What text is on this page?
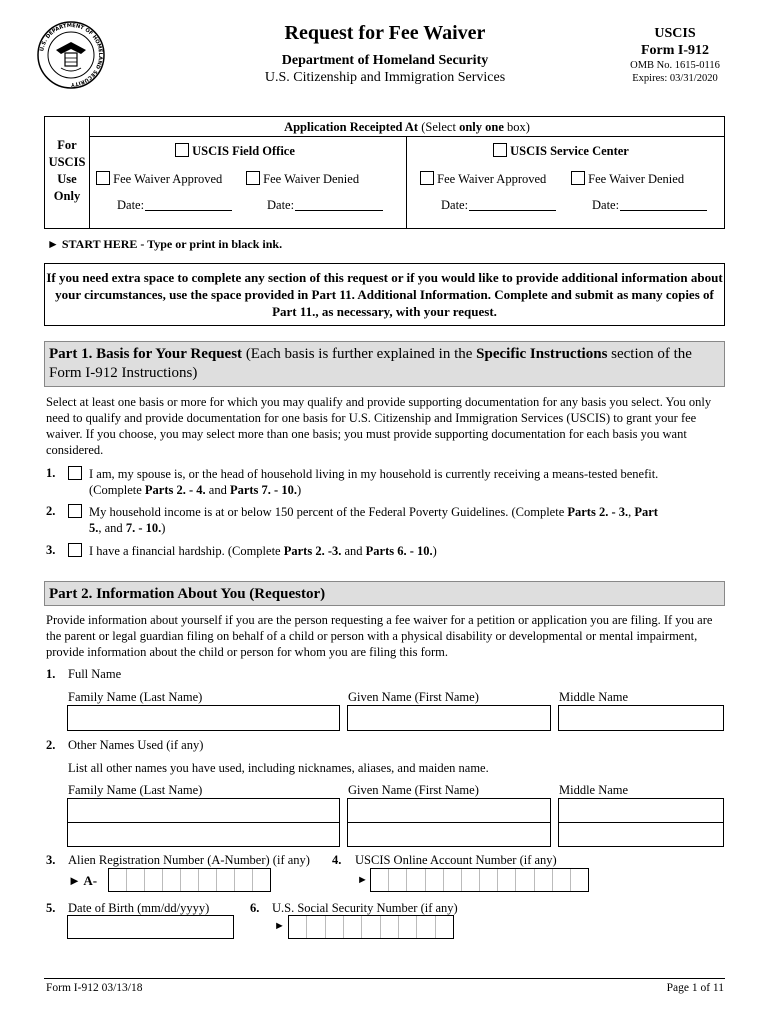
U.S. DEPARTMENT OF HOMELAND SECURITY
Request for Fee Waiver
Department of Homeland Security
U.S. Citizenship and Immigration Services
USCIS
Form I-912
OMB No. 1615-0116
Expires: 03/31/2020
For
USCIS
Use
Only
Application Receipted At (Select only one box)
USCIS Field Office
Fee Waiver Approved	Fee Waiver Denied
Date:	Date:
USCIS Service Center
Fee Waiver Approved	Fee Waiver Denied
Date:	Date:
► START HERE - Type or print in black ink.
If you need extra space to complete any section of this request or if you would like to provide additional information about your circumstances, use the space provided in Part 11. Additional Information. Complete and submit as many copies of Part 11., as necessary, with your request.
Part 1. Basis for Your Request (Each basis is further explained in the Specific Instructions section of the Form I-912 Instructions)
Select at least one basis or more for which you may qualify and provide supporting documentation for any basis you select. You only need to qualify and provide documentation for one basis for U.S. Citizenship and Immigration Services (USCIS) to grant your fee waiver. If you choose, you may select more than one basis; you must provide supporting documentation for each basis you want considered.
1.	I am, my spouse is, or the head of household living in my household is currently receiving a means-tested benefit.
(Complete Parts 2. - 4. and Parts 7. - 10.)
2.	My household income is at or below 150 percent of the Federal Poverty Guidelines. (Complete Parts 2. - 3., Part
5., and 7. - 10.)
3.	I have a financial hardship. (Complete Parts 2. -3. and Parts 6. - 10.)
Part 2. Information About You (Requestor)
Provide information about yourself if you are the person requesting a fee waiver for a petition or application you are filing. If you are the parent or legal guardian filing on behalf of a child or person with a physical disability or developmental or mental impairment, provide information about the child or person for whom you are filing this form.
1. Full Name
Family Name (Last Name)	Given Name (First Name)	Middle Name
2. Other Names Used (if any)
List all other names you have used, including nicknames, aliases, and maiden name.
Family Name (Last Name)	Given Name (First Name)	Middle Name
3. Alien Registration Number (A-Number) (if any)
► A-
4. USCIS Online Account Number (if any)
►
5. Date of Birth (mm/dd/yyyy)	6. U.S. Social Security Number (if any)
►
Form I-912 03/13/18	Page 1 of 11
